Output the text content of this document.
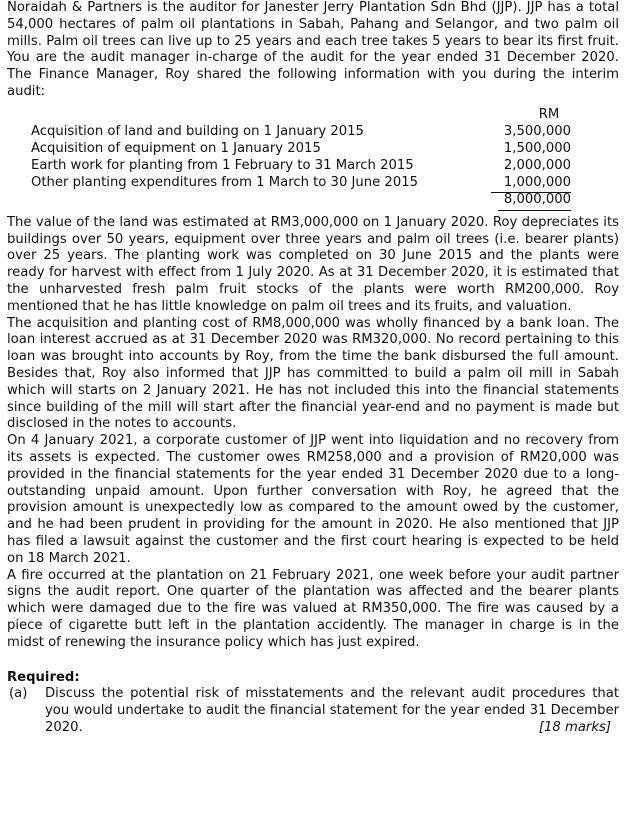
Noraidah & Partners is the auditor for Janester Jerry Plantation Sdn Bhd (JJP). JJP has a total 54,000 hectares of palm oil plantations in Sabah, Pahang and Selangor, and two palm oil mills. Palm oil trees can live up to 25 years and each tree takes 5 years to bear its first fruit. You are the audit manager in-charge of the audit for the year ended 31 December 2020. The Finance Manager, Roy shared the following information with you during the interim audit:

RM
Acquisition of land and building on 1 January 2015	3,500,000
Acquisition of equipment on 1 January 2015	1,500,000
Earth work for planting from 1 February to 31 March 2015	2,000,000
Other planting expenditures from 1 March to 30 June 2015	1,000,000
8,000,000

The value of the land was estimated at RM3,000,000 on 1 January 2020. Roy depreciates its buildings over 50 years, equipment over three years and palm oil trees (i.e. bearer plants) over 25 years. The planting work was completed on 30 June 2015 and the plants were ready for harvest with effect from 1 July 2020. As at 31 December 2020, it is estimated that the unharvested fresh palm fruit stocks of the plants were worth RM200,000. Roy mentioned that he has little knowledge on palm oil trees and its fruits, and valuation.

The acquisition and planting cost of RM8,000,000 was wholly financed by a bank loan. The loan interest accrued as at 31 December 2020 was RM320,000. No record pertaining to this loan was brought into accounts by Roy, from the time the bank disbursed the full amount. Besides that, Roy also informed that JJP has committed to build a palm oil mill in Sabah which will starts on 2 January 2021. He has not included this into the financial statements since building of the mill will start after the financial year-end and no payment is made but disclosed in the notes to accounts.

On 4 January 2021, a corporate customer of JJP went into liquidation and no recovery from its assets is expected. The customer owes RM258,000 and a provision of RM20,000 was provided in the financial statements for the year ended 31 December 2020 due to a long-outstanding unpaid amount. Upon further conversation with Roy, he agreed that the provision amount is unexpectedly low as compared to the amount owed by the customer, and he had been prudent in providing for the amount in 2020. He also mentioned that JJP has filed a lawsuit against the customer and the first court hearing is expected to be held on 18 March 2021.

A fire occurred at the plantation on 21 February 2021, one week before your audit partner signs the audit report. One quarter of the plantation was affected and the bearer plants which were damaged due to the fire was valued at RM350,000. The fire was caused by a piece of cigarette butt left in the plantation accidently. The manager in charge is in the midst of renewing the insurance policy which has just expired.

Required:
(a) Discuss the potential risk of misstatements and the relevant audit procedures that you would undertake to audit the financial statement for the year ended 31 December 2020.	[18 marks]
